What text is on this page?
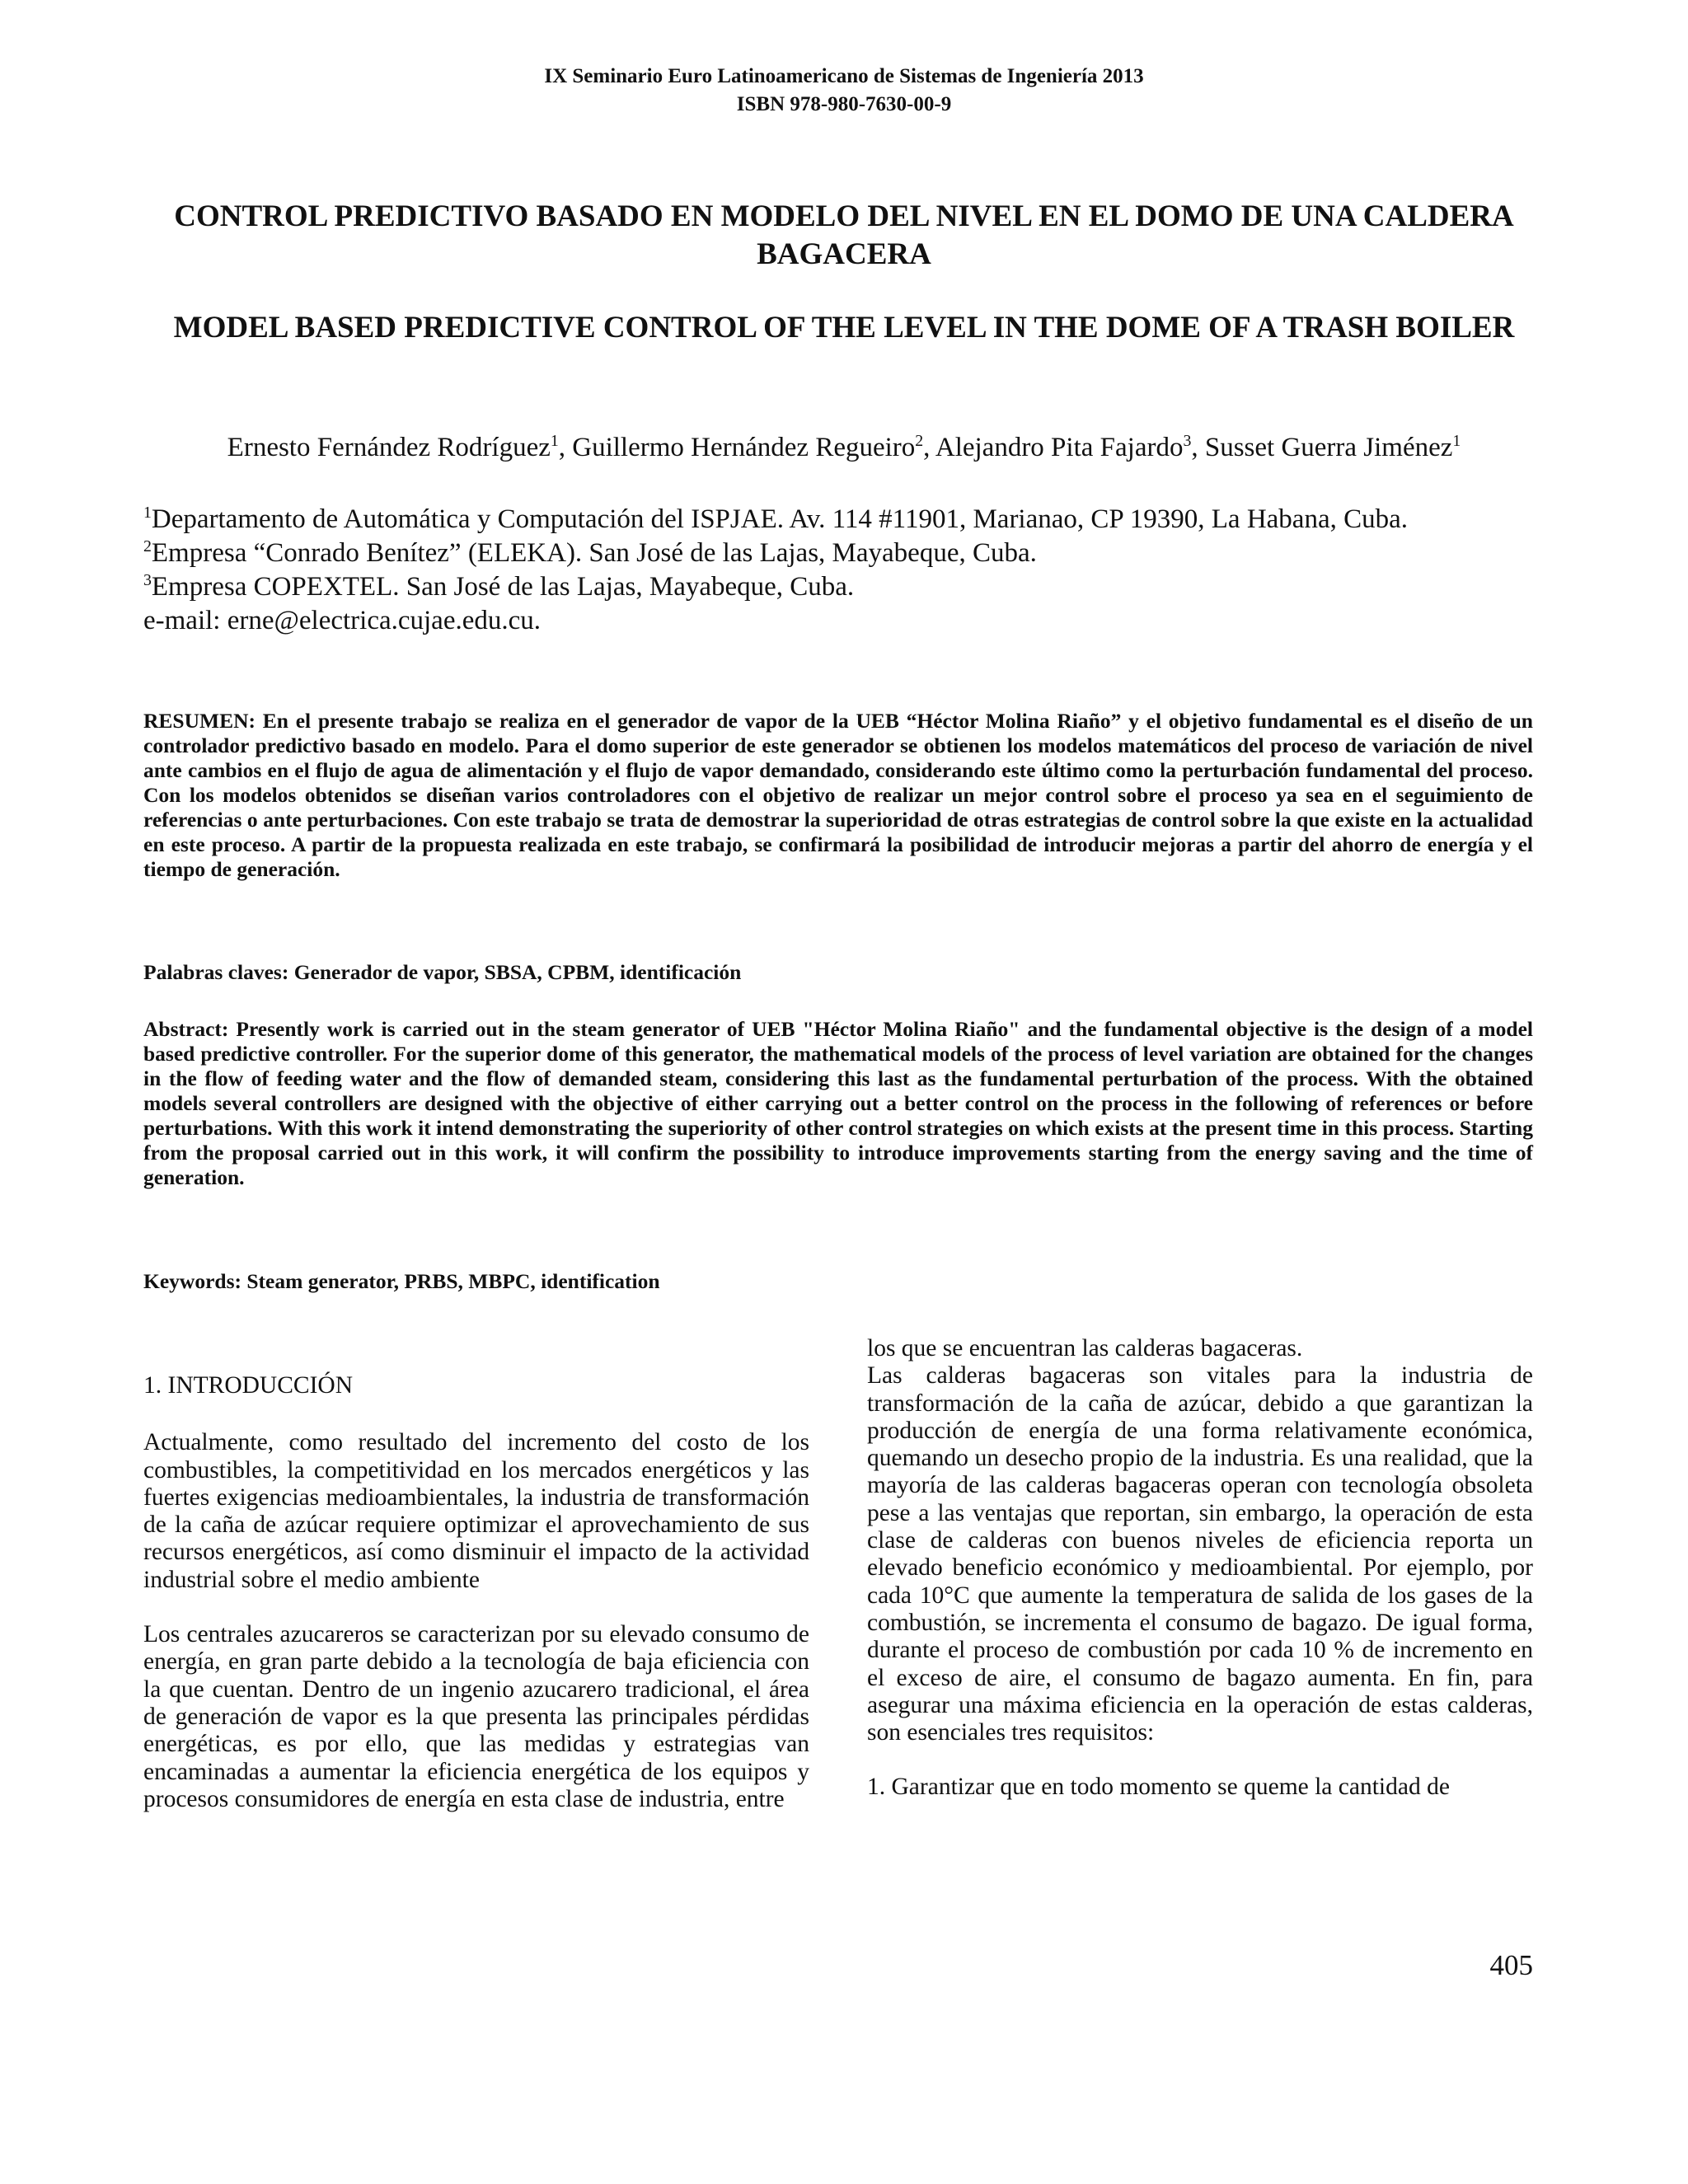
IX Seminario Euro Latinoamericano de Sistemas de Ingeniería 2013
ISBN 978-980-7630-00-9
CONTROL PREDICTIVO BASADO EN MODELO DEL NIVEL EN EL DOMO DE UNA CALDERA BAGACERA
MODEL BASED PREDICTIVE CONTROL OF THE LEVEL IN THE DOME OF A TRASH BOILER
Ernesto Fernández Rodríguez$^1$, Guillermo Hernández Regueiro$^2$, Alejandro Pita Fajardo$^3$, Susset Guerra Jiménez$^1$

$^1$Departamento de Automática y Computación del ISPJAE. Av. 114 #11901, Marianao, CP 19390, La Habana, Cuba.

$^2$Empresa “Conrado Benítez” (ELEKA). San José de las Lajas, Mayabeque, Cuba.

$^3$Empresa COPEXTEL. San José de las Lajas, Mayabeque, Cuba.

e-mail: erne@electrica.cujae.edu.cu.

RESUMEN: En el presente trabajo se realiza en el generador de vapor de la UEB “Héctor Molina Riaño” y el objetivo fundamental es el diseño de un controlador predictivo basado en modelo. Para el domo superior de este generador se obtienen los modelos matemáticos del proceso de variación de nivel ante cambios en el flujo de agua de alimentación y el flujo de vapor demandado, considerando este último como la perturbación fundamental del proceso. Con los modelos obtenidos se diseñan varios controladores con el objetivo de realizar un mejor control sobre el proceso ya sea en el seguimiento de referencias o ante perturbaciones. Con este trabajo se trata de demostrar la superioridad de otras estrategias de control sobre la que existe en la actualidad en este proceso. A partir de la propuesta realizada en este trabajo, se confirmará la posibilidad de introducir mejoras a partir del ahorro de energía y el tiempo de generación.

Palabras claves: Generador de vapor, SBSA, CPBM, identificación

Abstract: Presently work is carried out in the steam generator of UEB "Héctor Molina Riaño" and the fundamental objective is the design of a model based predictive controller. For the superior dome of this generator, the mathematical models of the process of level variation are obtained for the changes in the flow of feeding water and the flow of demanded steam, considering this last as the fundamental perturbation of the process. With the obtained models several controllers are designed with the objective of either carrying out a better control on the process in the following of references or before perturbations. With this work it intend demonstrating the superiority of other control strategies on which exists at the present time in this process. Starting from the proposal carried out in this work, it will confirm the possibility to introduce improvements starting from the energy saving and the time of generation.

Keywords: Steam generator, PRBS, MBPC, identification

1. INTRODUCCIÓN

Actualmente, como resultado del incremento del costo de los combustibles, la competitividad en los mercados energéticos y las fuertes exigencias medioambientales, la industria de transformación de la caña de azúcar requiere optimizar el aprovechamiento de sus recursos energéticos, así como disminuir el impacto de la actividad industrial sobre el medio ambiente

Los centrales azucareros se caracterizan por su elevado consumo de energía, en gran parte debido a la tecnología de baja eficiencia con la que cuentan. Dentro de un ingenio azucarero tradicional, el área de generación de vapor es la que presenta las principales pérdidas energéticas, es por ello, que las medidas y estrategias van encaminadas a aumentar la eficiencia energética de los equipos y procesos consumidores de energía en esta clase de industria, entre

los que se encuentran las calderas bagaceras.

Las calderas bagaceras son vitales para la industria de transformación de la caña de azúcar, debido a que garantizan la producción de energía de una forma relativamente económica, quemando un desecho propio de la industria. Es una realidad, que la mayoría de las calderas bagaceras operan con tecnología obsoleta pese a las ventajas que reportan, sin embargo, la operación de esta clase de calderas con buenos niveles de eficiencia reporta un elevado beneficio económico y medioambiental. Por ejemplo, por cada 10°C que aumente la temperatura de salida de los gases de la combustión, se incrementa el consumo de bagazo. De igual forma, durante el proceso de combustión por cada 10 % de incremento en el exceso de aire, el consumo de bagazo aumenta. En fin, para asegurar una máxima eficiencia en la operación de estas calderas, son esenciales tres requisitos:

1. Garantizar que en todo momento se queme la cantidad de

405
